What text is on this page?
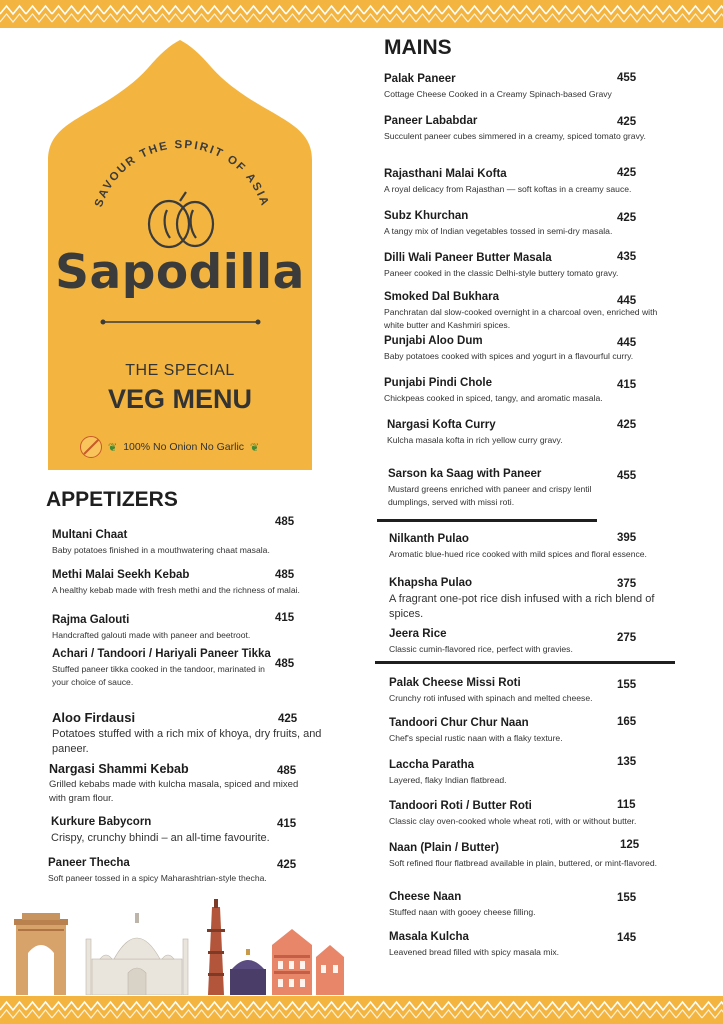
SAVOUR THE SPIRIT OF ASIA
Sapodilla
THE SPECIAL
VEG MENU
❦ 100% No Onion No Garlic ❦
MAINS
APPETIZERS
Palak Paneer
Cottage Cheese Cooked in a Creamy Spinach-based Gravy
455
Paneer Lababdar
Succulent paneer cubes simmered in a creamy, spiced tomato gravy.
425
Rajasthani Malai Kofta
A royal delicacy from Rajasthan — soft koftas in a creamy sauce.
425
Subz Khurchan
A tangy mix of Indian vegetables tossed in semi-dry masala.
425
Dilli Wali Paneer Butter Masala
Paneer cooked in the classic Delhi-style buttery tomato gravy.
435
Smoked Dal Bukhara
Panchratan dal slow-cooked overnight in a charcoal oven, enriched with white butter and Kashmiri spices.
445
Punjabi Aloo Dum
Baby potatoes cooked with spices and yogurt in a flavourful curry.
445
Punjabi Pindi Chole
Chickpeas cooked in spiced, tangy, and aromatic masala.
415
Nargasi Kofta Curry
Kulcha masala kofta in rich yellow curry gravy.
425
Sarson ka Saag with Paneer
Mustard greens enriched with paneer and crispy lentil dumplings, served with missi roti.
455
Nilkanth Pulao
Aromatic blue-hued rice cooked with mild spices and floral essence.
395
Khapsha Pulao
A fragrant one-pot rice dish infused with a rich blend of spices.
375
Jeera Rice
Classic cumin-flavored rice, perfect with gravies.
275
Palak Cheese Missi Roti
Crunchy roti infused with spinach and melted cheese.
155
Tandoori Chur Chur Naan
Chef's special rustic naan with a flaky texture.
165
Laccha Paratha
Layered, flaky Indian flatbread.
135
Tandoori Roti / Butter Roti
Classic clay oven-cooked whole wheat roti, with or without butter.
115
Naan (Plain / Butter)
Soft refined flour flatbread available in plain, buttered, or mint-flavored.
125
Cheese Naan
Stuffed naan with gooey cheese filling.
155
Masala Kulcha
Leavened bread filled with spicy masala mix.
145
Multani Chaat
Baby potatoes finished in a mouthwatering chaat masala.
485
Methi Malai Seekh Kebab
A healthy kebab made with fresh methi and the richness of malai.
485
Rajma Galouti
Handcrafted galouti made with paneer and beetroot.
415
Achari / Tandoori / Hariyali Paneer Tikka
Stuffed paneer tikka cooked in the tandoor, marinated in your choice of sauce.
485
Aloo Firdausi
Potatoes stuffed with a rich mix of khoya, dry fruits, and paneer.
425
Nargasi Shammi Kebab
Grilled kebabs made with kulcha masala, spiced and mixed with gram flour.
485
Kurkure Babycorn
Crispy, crunchy bhindi – an all-time favourite.
415
Paneer Thecha
Soft paneer tossed in a spicy Maharashtrian-style thecha.
425
